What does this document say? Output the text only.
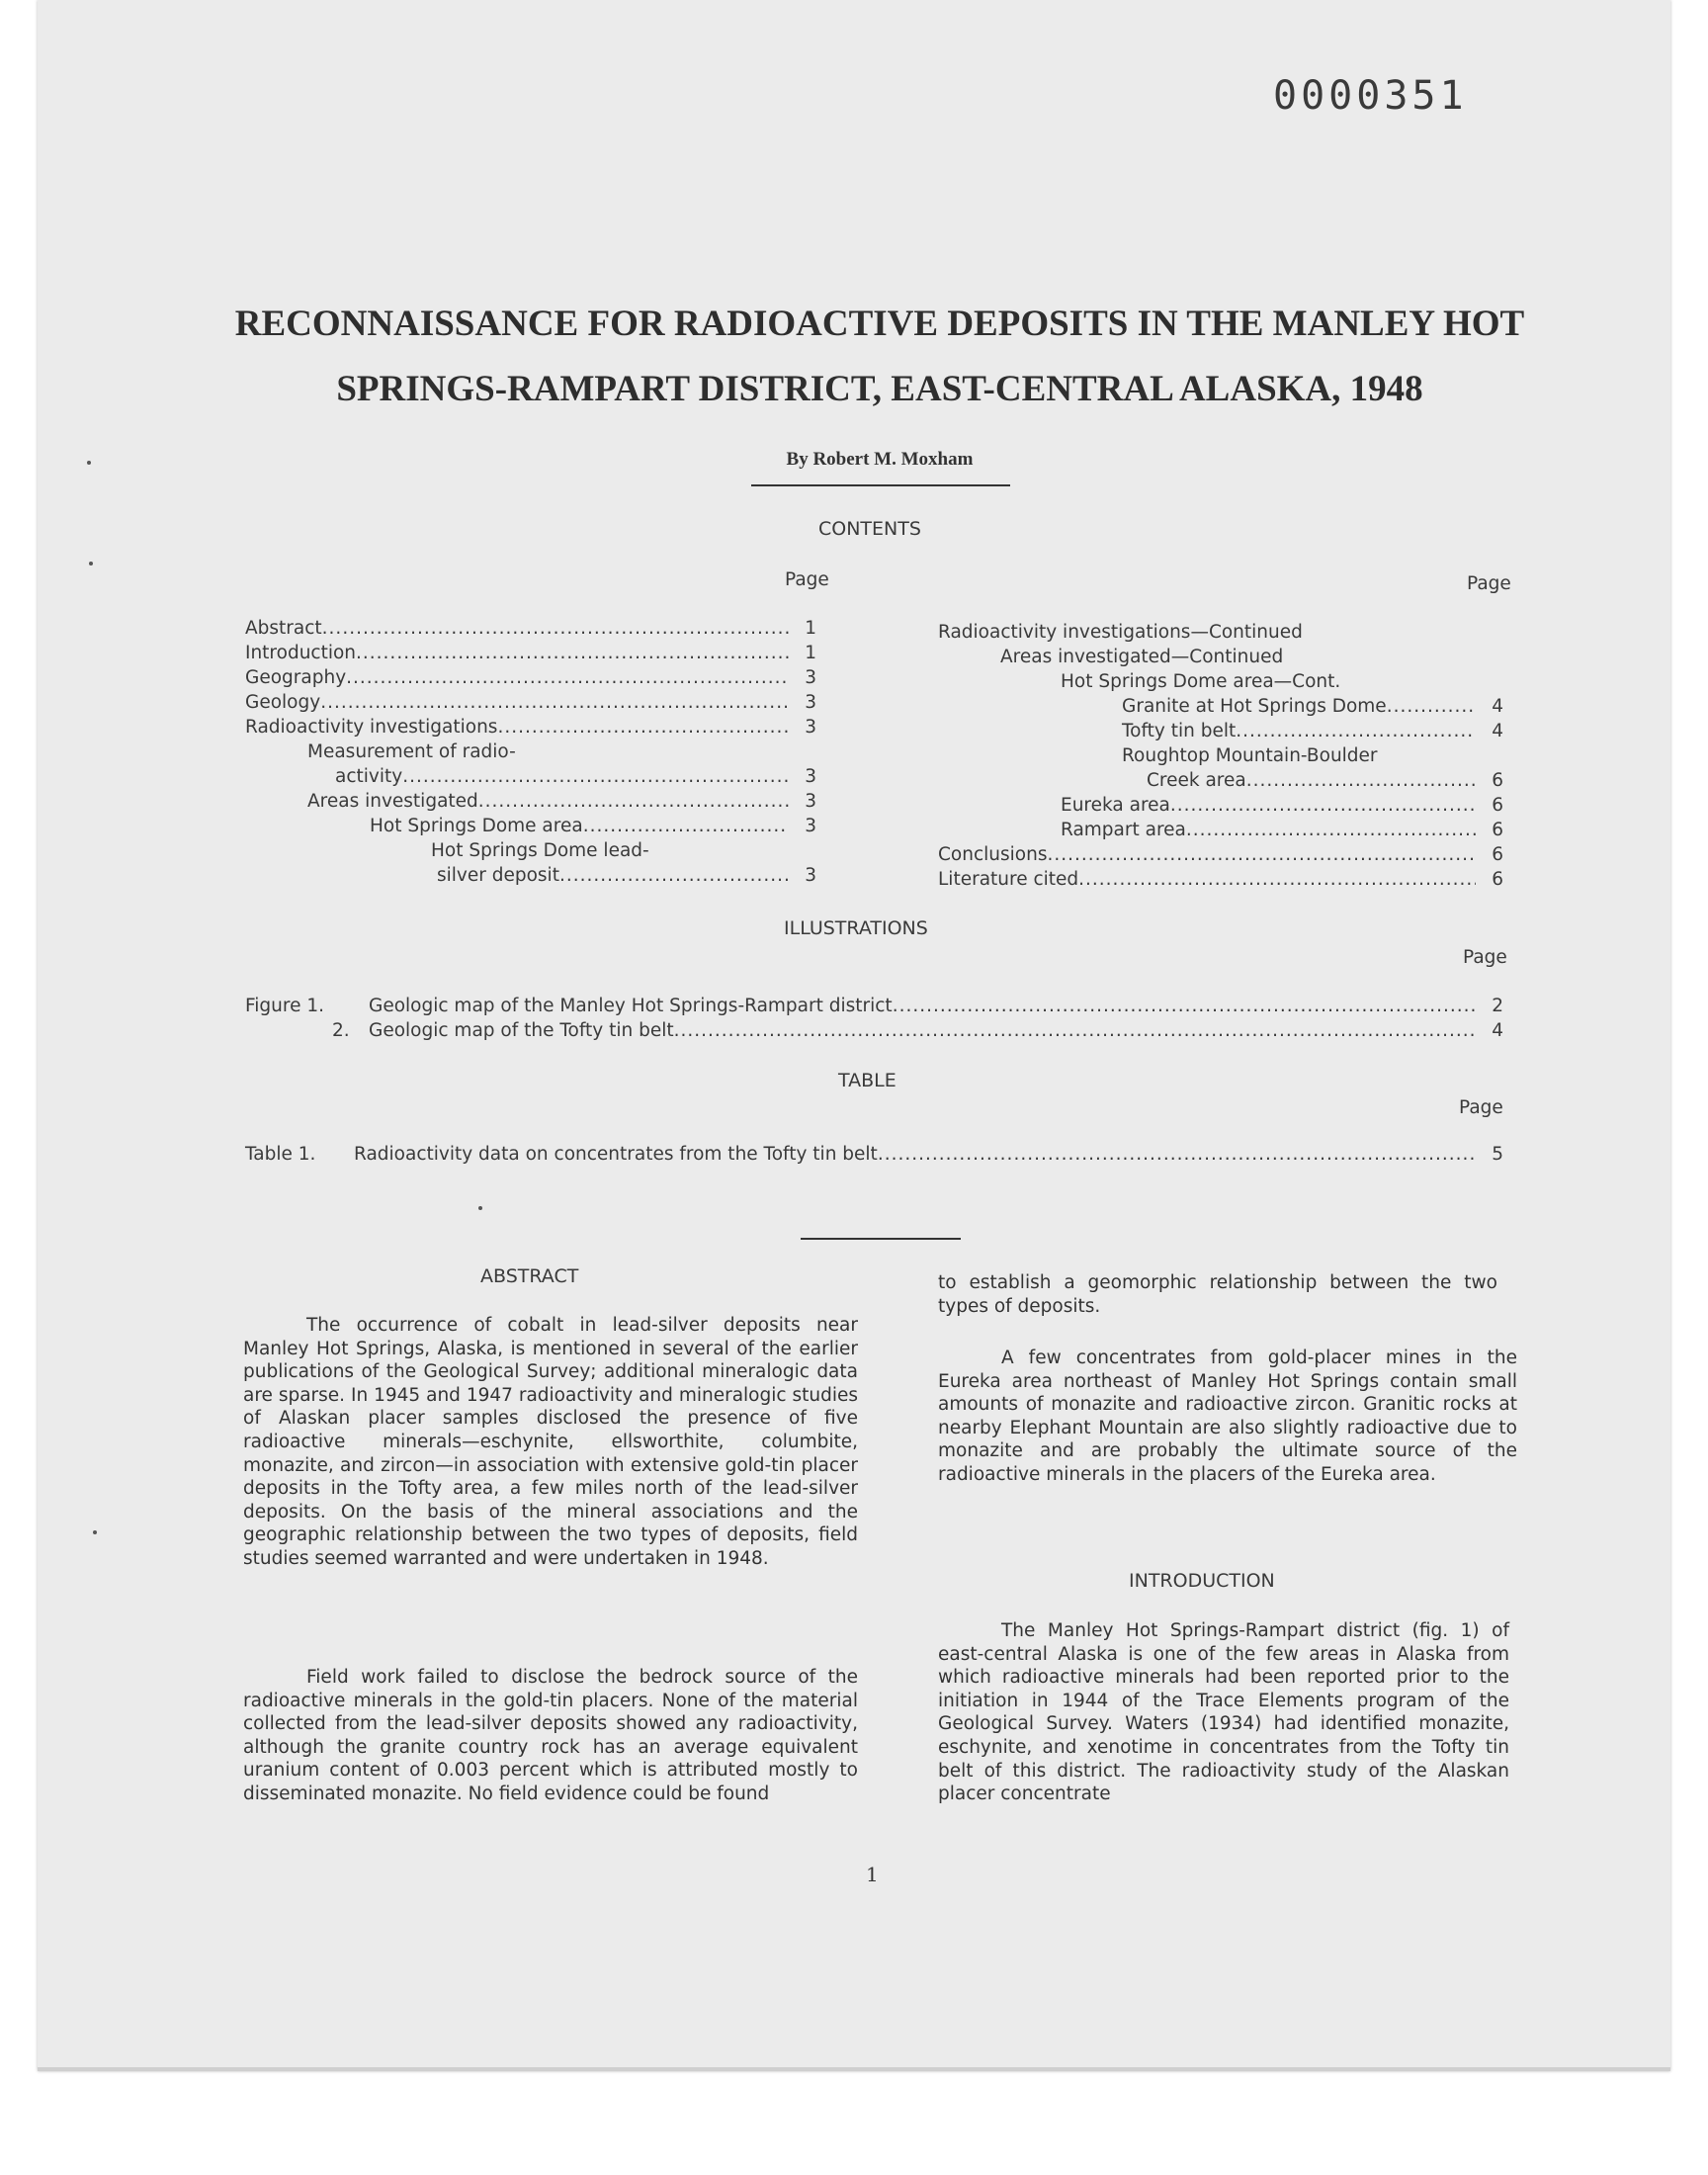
0000351
RECONNAISSANCE FOR RADIOACTIVE DEPOSITS IN THE MANLEY HOT
SPRINGS-RAMPART DISTRICT, EAST-CENTRAL ALASKA, 1948
By Robert M. Moxham
CONTENTS
Page	Page
Abstract .....	1
Introduction .....	1
Geography .....	3
Geology .....	3
Radioactivity investigations .....	3
Measurement of radio-
activity .....	3
Areas investigated .....	3
Hot Springs Dome area .....	3
Hot Springs Dome lead-
silver deposit .....	3
Radioactivity investigations—Continued
Areas investigated—Continued
Hot Springs Dome area—Cont.
Granite at Hot Springs Dome .....	4
Tofty tin belt .....	4
Roughtop Mountain-Boulder
Creek area .....	6
Eureka area .....	6
Rampart area .....	6
Conclusions .....	6
Literature cited .....	6
ILLUSTRATIONS
Page
Figure 1. Geologic map of the Manley Hot Springs-Rampart district .....	2
2. Geologic map of the Tofty tin belt .....	4
TABLE
Page
Table 1. Radioactivity data on concentrates from the Tofty tin belt .....	5
ABSTRACT

The occurrence of cobalt in lead-silver deposits near Manley Hot Springs, Alaska, is mentioned in several of the earlier publications of the Geological Survey; additional mineralogic data are sparse. In 1945 and 1947 radioactivity and mineralogic studies of Alaskan placer samples disclosed the presence of five radioactive minerals—eschynite, ellsworthite, columbite, monazite, and zircon—in association with extensive gold-tin placer deposits in the Tofty area, a few miles north of the lead-silver deposits. On the basis of the mineral associations and the geographic relationship between the two types of deposits, field studies seemed warranted and were undertaken in 1948.

Field work failed to disclose the bedrock source of the radioactive minerals in the gold-tin placers. None of the material collected from the lead-silver deposits showed any radioactivity, although the granite country rock has an average equivalent uranium content of 0.003 percent which is attributed mostly to disseminated monazite. No field evidence could be found

to establish a geomorphic relationship between the two types of deposits.

A few concentrates from gold-placer mines in the Eureka area northeast of Manley Hot Springs contain small amounts of monazite and radioactive zircon. Granitic rocks at nearby Elephant Mountain are also slightly radioactive due to monazite and are probably the ultimate source of the radioactive minerals in the placers of the Eureka area.

INTRODUCTION

The Manley Hot Springs-Rampart district (fig. 1) of east-central Alaska is one of the few areas in Alaska from which radioactive minerals had been reported prior to the initiation in 1944 of the Trace Elements program of the Geological Survey. Waters (1934) had identified monazite, eschynite, and xenotime in concentrates from the Tofty tin belt of this district. The radioactivity study of the Alaskan placer concentrate

1
